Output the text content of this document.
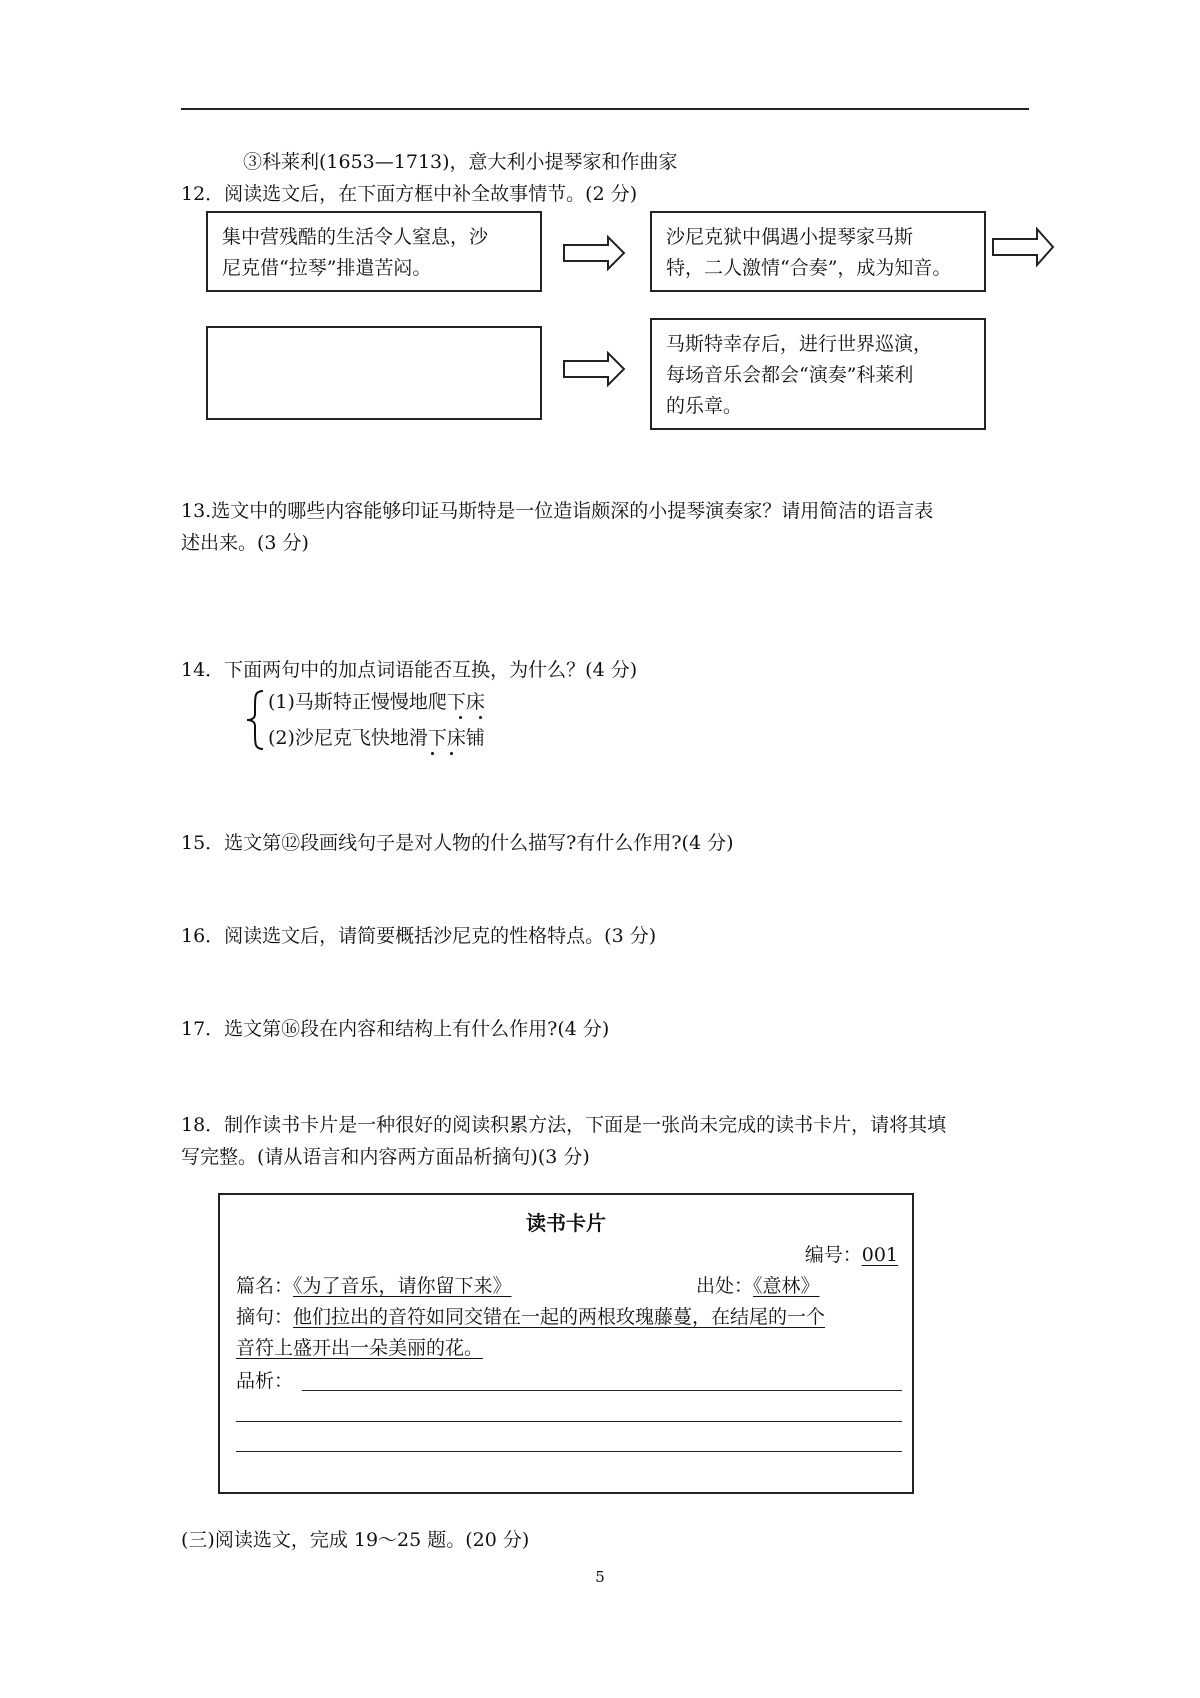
③科莱利(1653—1713)，意大利小提琴家和作曲家
12．阅读选文后，在下面方框中补全故事情节。(2 分)
集中营残酷的生活令人窒息，沙
尼克借“拉琴”排遣苦闷。
沙尼克狱中偶遇小提琴家马斯
特，二人激情“合奏”，成为知音。
马斯特幸存后，进行世界巡演，
每场音乐会都会“演奏”科莱利
的乐章。
13.选文中的哪些内容能够印证马斯特是一位造诣颇深的小提琴演奏家？请用简洁的语言表
述出来。(3 分)
14．下面两句中的加点词语能否互换，为什么？(4 分)
(1)马斯特正慢慢地爬下床
(2)沙尼克飞快地滑下床铺
15．选文第⑫段画线句子是对人物的什么描写?有什么作用?(4 分)
16．阅读选文后，请简要概括沙尼克的性格特点。(3 分)
17．选文第⑯段在内容和结构上有什么作用?(4 分)
18．制作读书卡片是一种很好的阅读积累方法，下面是一张尚未完成的读书卡片，请将其填
写完整。(请从语言和内容两方面品析摘句)(3 分)
读书卡片
编号：001
篇名：《为了音乐，请你留下来》	出处：《意林》
摘句：他们拉出的音符如同交错在一起的两根玫瑰藤蔓，在结尾的一个
音符上盛开出一朵美丽的花。
品析：
(三)阅读选文，完成 19～25 题。(20 分)
5
